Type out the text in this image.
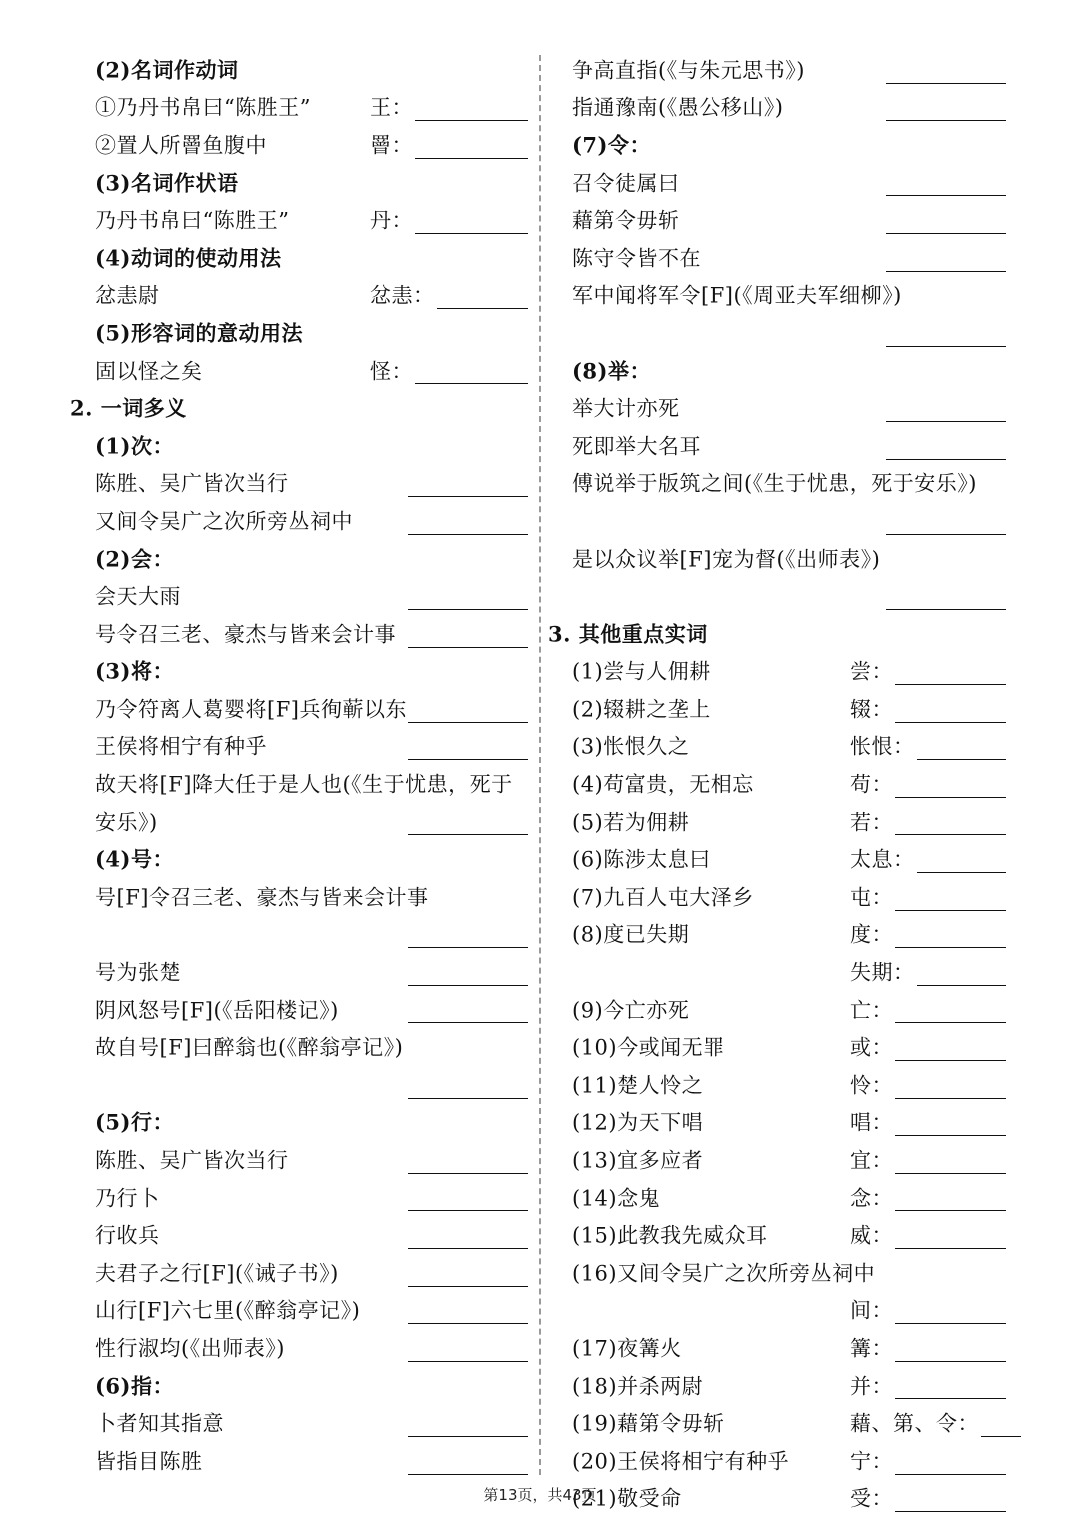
(2)名词作动词
①乃丹书帛曰“陈胜王”	王：
②置人所罾鱼腹中	罾：
(3)名词作状语
乃丹书帛曰“陈胜王”	丹：
(4)动词的使动用法
忿恚尉	忿恚：
(5)形容词的意动用法
固以怪之矣	怪：
2. 一词多义
(1)次：
陈胜、吴广皆次当行
又间令吴广之次所旁丛祠中
(2)会：
会天大雨
号令召三老、豪杰与皆来会计事
(3)将：
乃令符离人葛婴将[F]兵徇蕲以东
王侯将相宁有种乎
故天将[F]降大任于是人也(《生于忧患，死于
安乐》)
(4)号：
号[F]令召三老、豪杰与皆来会计事
号为张楚
阴风怒号[F](《岳阳楼记》)
故自号[F]曰醉翁也(《醉翁亭记》)
(5)行：
陈胜、吴广皆次当行
乃行卜
行收兵
夫君子之行[F](《诫子书》)
山行[F]六七里(《醉翁亭记》)
性行淑均(《出师表》)
(6)指：
卜者知其指意
皆指目陈胜
争高直指(《与朱元思书》)
指通豫南(《愚公移山》)
(7)令：
召令徒属曰
藉第令毋斩
陈守令皆不在
军中闻将军令[F](《周亚夫军细柳》)
(8)举：
举大计亦死
死即举大名耳
傅说举于版筑之间(《生于忧患，死于安乐》)
是以众议举[F]宠为督(《出师表》)
3. 其他重点实词
(1)尝与人佣耕	尝：
(2)辍耕之垄上	辍：
(3)怅恨久之	怅恨：
(4)苟富贵，无相忘	苟：
(5)若为佣耕	若：
(6)陈涉太息曰	太息：
(7)九百人屯大泽乡	屯：
(8)度已失期	度：
失期：
(9)今亡亦死	亡：
(10)今或闻无罪	或：
(11)楚人怜之	怜：
(12)为天下唱	唱：
(13)宜多应者	宜：
(14)念鬼	念：
(15)此教我先威众耳	威：
(16)又间令吴广之次所旁丛祠中
间：
(17)夜篝火	篝：
(18)并杀两尉	并：
(19)藉第令毋斩	藉、第、令：
(20)王侯将相宁有种乎	宁：
(21)敬受命	受：
第13页，共43页
